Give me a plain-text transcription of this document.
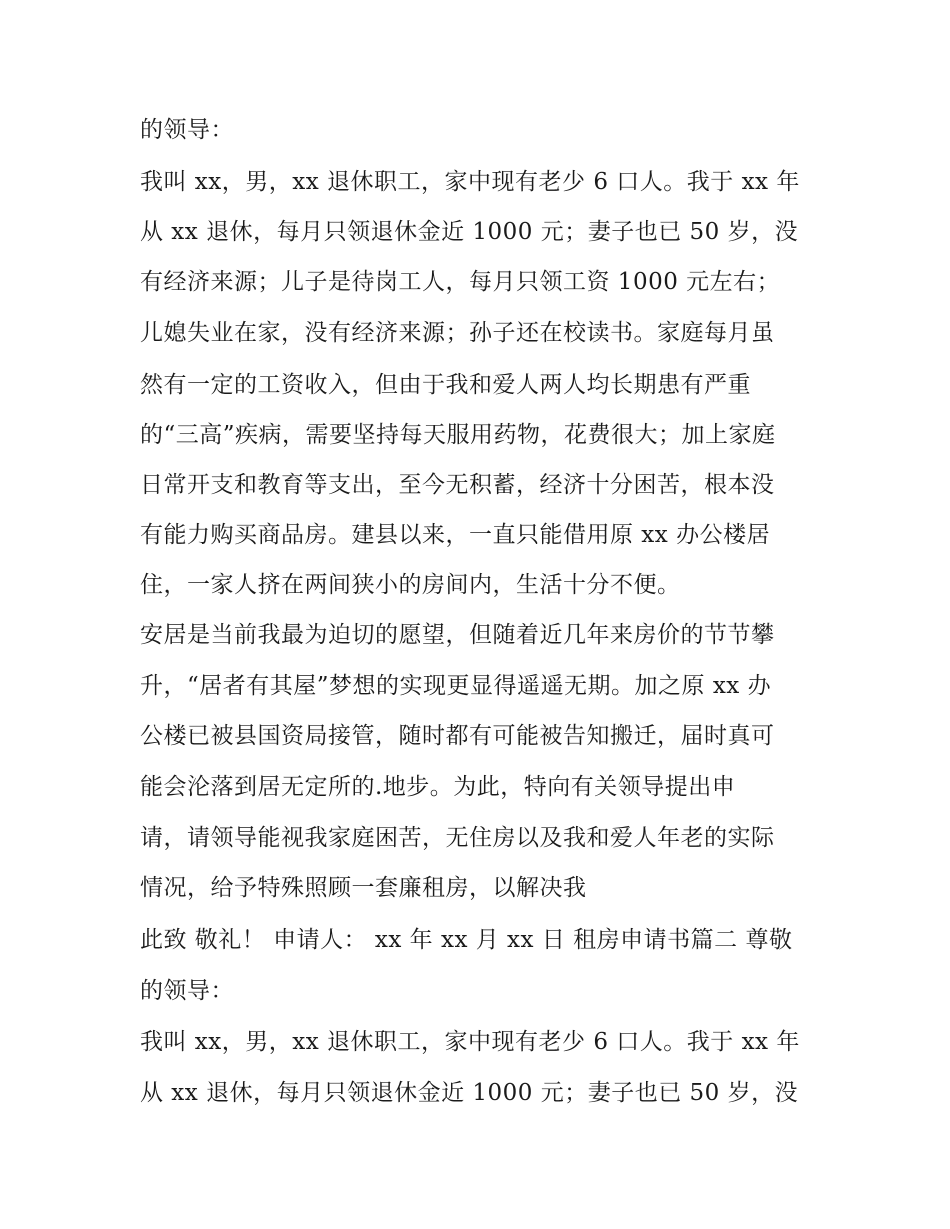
的领导：
我叫 xx，男，xx 退休职工，家中现有老少 6 口人。我于 xx 年
从 xx 退休，每月只领退休金近 1000 元；妻子也已 50 岁，没
有经济来源；儿子是待岗工人，每月只领工资 1000 元左右；
儿媳失业在家，没有经济来源；孙子还在校读书。家庭每月虽
然有一定的工资收入，但由于我和爱人两人均长期患有严重
的“三高”疾病，需要坚持每天服用药物，花费很大；加上家庭
日常开支和教育等支出，至今无积蓄，经济十分困苦，根本没
有能力购买商品房。建县以来，一直只能借用原 xx 办公楼居
住，一家人挤在两间狭小的房间内，生活十分不便。
安居是当前我最为迫切的愿望，但随着近几年来房价的节节攀
升，“居者有其屋”梦想的实现更显得遥遥无期。加之原 xx 办
公楼已被县国资局接管，随时都有可能被告知搬迁，届时真可
能会沦落到居无定所的.地步。为此，特向有关领导提出申
请，请领导能视我家庭困苦，无住房以及我和爱人年老的实际
情况，给予特殊照顾一套廉租房，以解决我
此致 敬礼！ 申请人： xx 年 xx 月 xx 日 租房申请书篇二 尊敬
的领导：
我叫 xx，男，xx 退休职工，家中现有老少 6 口人。我于 xx 年
从 xx 退休，每月只领退休金近 1000 元；妻子也已 50 岁，没
